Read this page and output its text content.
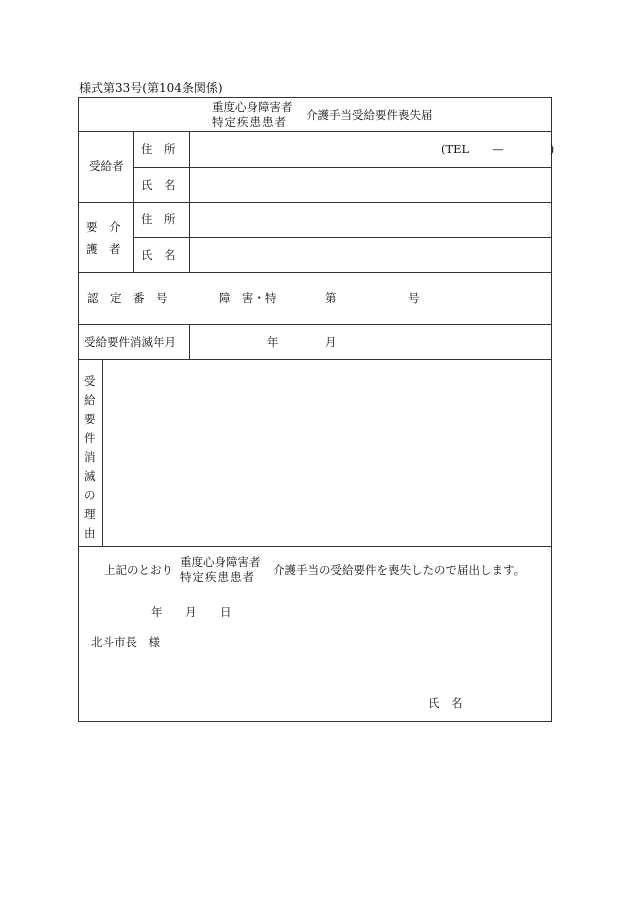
様式第33号(第104条関係)
重度心身障害者
特定疾患患者 介護手当受給要件喪失届
受給者
住　所	(TEL　　—　　　　)
氏　名
要　介
護　者
住　所
氏　名
認　定　番　号	障　害・特	第	号
受給要件消滅年月	年	月
受
給
要
件
消
滅
の
理
由
上記のとおり
重度心身障害者
特定疾患患者 介護手当の受給要件を喪失したので届出します。
年 月 日
北斗市長　様
氏　名
